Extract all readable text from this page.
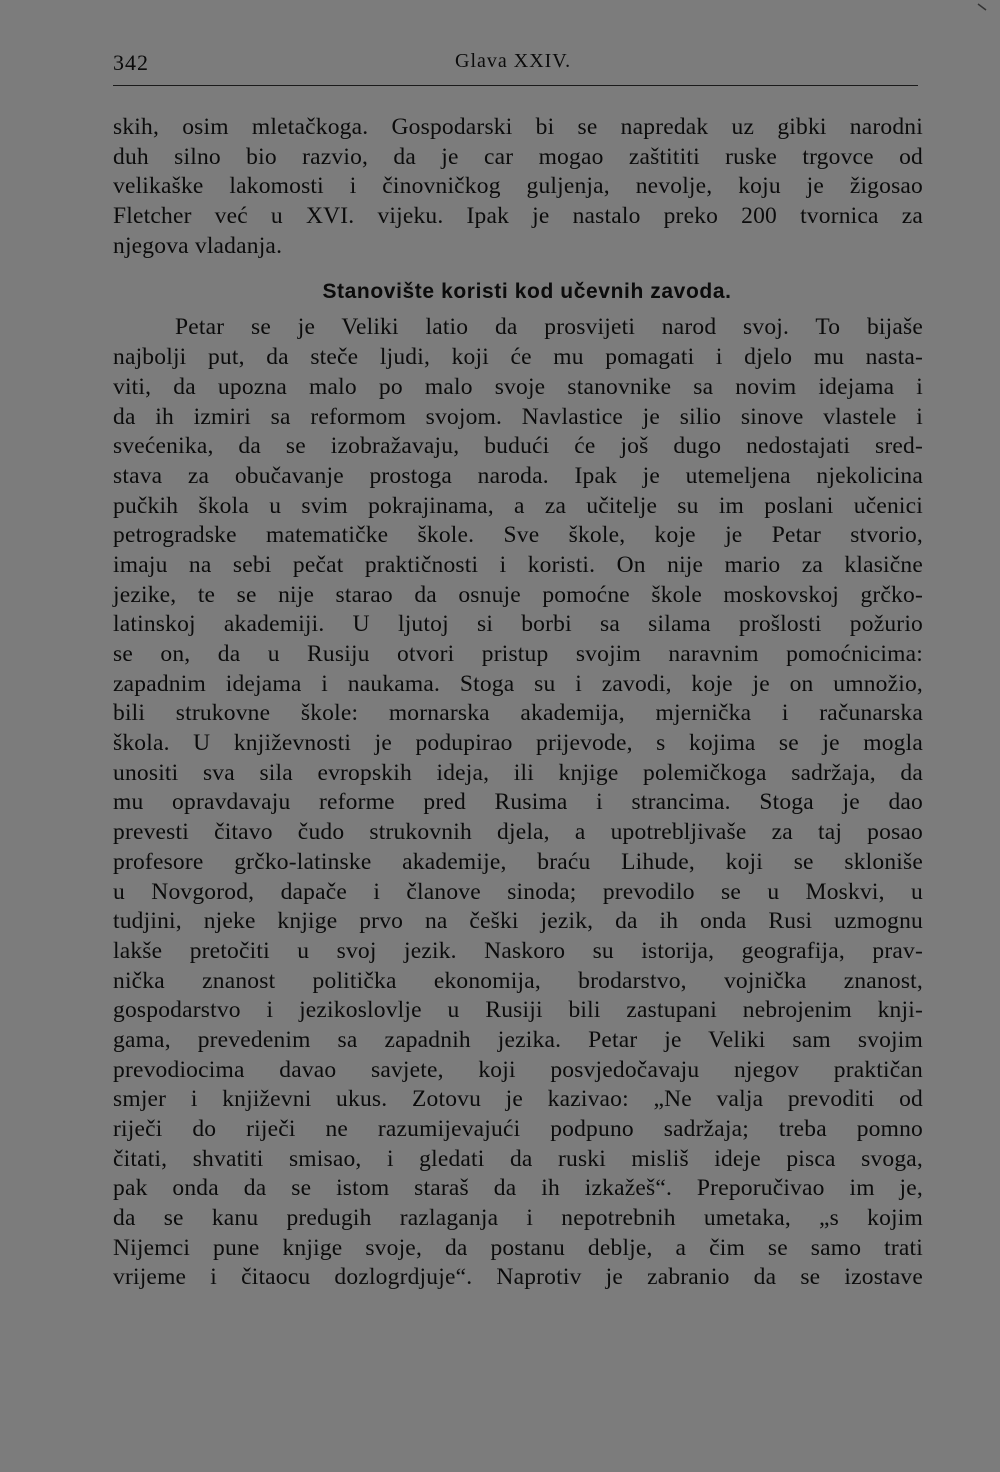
342	Glava XXIV.
skih, osim mletačkoga. Gospodarski bi se napredak uz gibki narodni
duh silno bio razvio, da je car mogao zaštititi ruske trgovce od
velikaške lakomosti i činovničkog guljenja, nevolje, koju je žigosao
Fletcher već u XVI. vijeku. Ipak je nastalo preko 200 tvornica za
njegova vladanja.
Stanovište koristi kod učevnih zavoda.
Petar se je Veliki latio da prosvijeti narod svoj. To bijaše
najbolji put, da steče ljudi, koji će mu pomagati i djelo mu nasta-
viti, da upozna malo po malo svoje stanovnike sa novim idejama i
da ih izmiri sa reformom svojom. Navlastice je silio sinove vlastele i
svećenika, da se izobražavaju, budući će još dugo nedostajati sred-
stava za obučavanje prostoga naroda. Ipak je utemeljena njekolicina
pučkih škola u svim pokrajinama, a za učitelje su im poslani učenici
petrogradske matematičke škole. Sve škole, koje je Petar stvorio,
imaju na sebi pečat praktičnosti i koristi. On nije mario za klasične
jezike, te se nije starao da osnuje pomoćne škole moskovskoj grčko-
latinskoj akademiji. U ljutoj si borbi sa silama prošlosti požurio
se on, da u Rusiju otvori pristup svojim naravnim pomoćnicima:
zapadnim idejama i naukama. Stoga su i zavodi, koje je on umnožio,
bili strukovne škole: mornarska akademija, mjernička i računarska
škola. U književnosti je podupirao prijevode, s kojima se je mogla
unositi sva sila evropskih ideja, ili knjige polemičkoga sadržaja, da
mu opravdavaju reforme pred Rusima i strancima. Stoga je dao
prevesti čitavo čudo strukovnih djela, a upotrebljivaše za taj posao
profesore grčko-latinske akademije, braću Lihude, koji se skloniše
u Novgorod, dapače i članove sinoda; prevodilo se u Moskvi, u
tudjini, njeke knjige prvo na češki jezik, da ih onda Rusi uzmognu
lakše pretočiti u svoj jezik. Naskoro su istorija, geografija, prav-
nička znanost politička ekonomija, brodarstvo, vojnička znanost,
gospodarstvo i jezikoslovlje u Rusiji bili zastupani nebrojenim knji-
gama, prevedenim sa zapadnih jezika. Petar je Veliki sam svojim
prevodiocima davao savjete, koji posvjedočavaju njegov praktičan
smjer i književni ukus. Zotovu je kazivao: „Ne valja prevoditi od
riječi do riječi ne razumijevajući podpuno sadržaja; treba pomno
čitati, shvatiti smisao, i gledati da ruski misliš ideje pisca svoga,
pak onda da se istom staraš da ih izkažeš“. Preporučivao im je,
da se kanu predugih razlaganja i nepotrebnih umetaka, „s kojim
Nijemci pune knjige svoje, da postanu deblje, a čim se samo trati
vrijeme i čitaocu dozlogrdjuje“. Naprotiv je zabranio da se izostave
